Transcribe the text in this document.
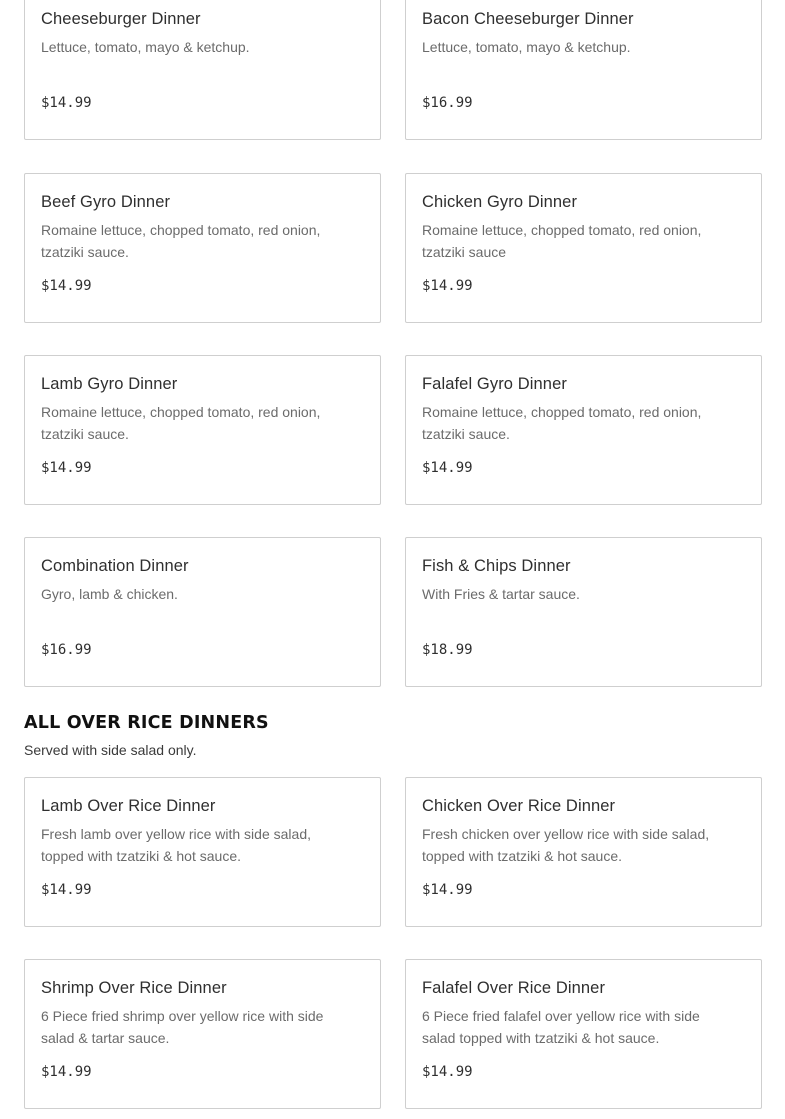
Cheeseburger Dinner
Lettuce, tomato, mayo & ketchup.
$14.99
Bacon Cheeseburger Dinner
Lettuce, tomato, mayo & ketchup.
$16.99
Beef Gyro Dinner
Romaine lettuce, chopped tomato, red onion, tzatziki sauce.
$14.99
Chicken Gyro Dinner
Romaine lettuce, chopped tomato, red onion, tzatziki sauce
$14.99
Lamb Gyro Dinner
Romaine lettuce, chopped tomato, red onion, tzatziki sauce.
$14.99
Falafel Gyro Dinner
Romaine lettuce, chopped tomato, red onion, tzatziki sauce.
$14.99
Combination Dinner
Gyro, lamb & chicken.
$16.99
Fish & Chips Dinner
With Fries & tartar sauce.
$18.99
ALL OVER RICE DINNERS

Served with side salad only.

Lamb Over Rice Dinner
Fresh lamb over yellow rice with side salad, topped with tzatziki & hot sauce.
$14.99
Chicken Over Rice Dinner
Fresh chicken over yellow rice with side salad, topped with tzatziki & hot sauce.
$14.99
Shrimp Over Rice Dinner
6 Piece fried shrimp over yellow rice with side salad & tartar sauce.
$14.99
Falafel Over Rice Dinner
6 Piece fried falafel over yellow rice with side salad topped with tzatziki & hot sauce.
$14.99
